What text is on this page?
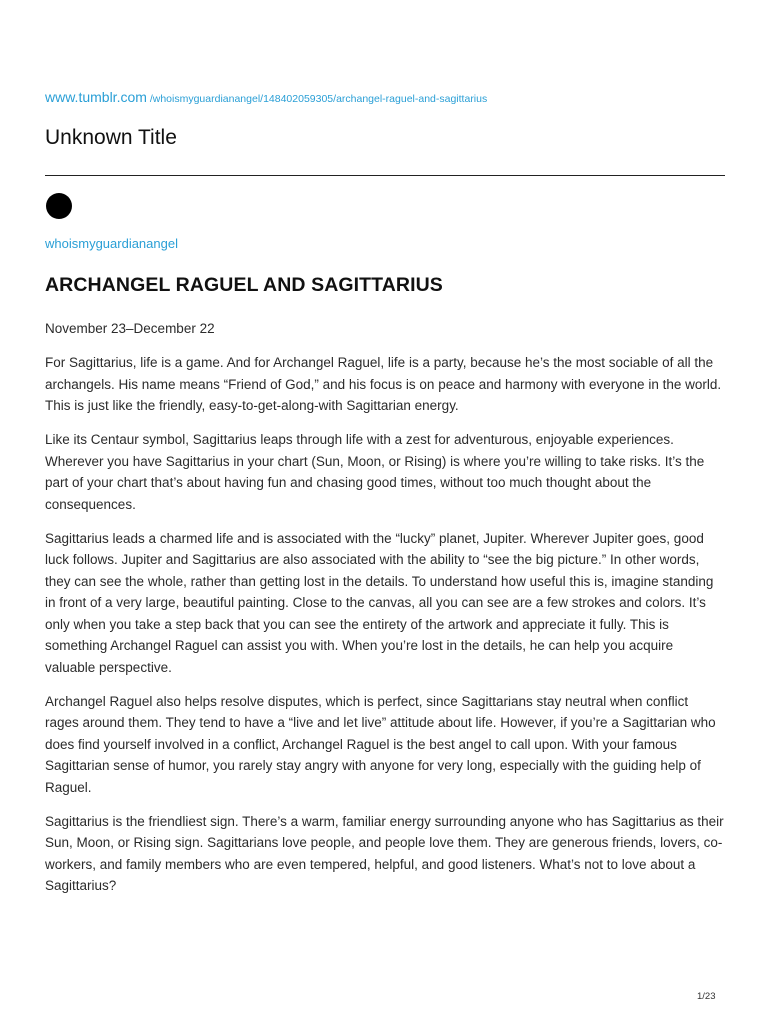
www.tumblr.com /whoismyguardianangel/148402059305/archangel-raguel-and-sagittarius
Unknown Title
whoismyguardianangel
ARCHANGEL RAGUEL AND SAGITTARIUS

November 23–December 22

For Sagittarius, life is a game. And for Archangel Raguel, life is a party, because he’s the most sociable of all the archangels. His name means “Friend of God,” and his focus is on peace and harmony with everyone in the world. This is just like the friendly, easy-to-get-along-with Sagittarian energy.

Like its Centaur symbol, Sagittarius leaps through life with a zest for adventurous, enjoyable experiences. Wherever you have Sagittarius in your chart (Sun, Moon, or Rising) is where you’re willing to take risks. It’s the part of your chart that’s about having fun and chasing good times, without too much thought about the consequences.

Sagittarius leads a charmed life and is associated with the “lucky” planet, Jupiter. Wherever Jupiter goes, good luck follows. Jupiter and Sagittarius are also associated with the ability to “see the big picture.” In other words, they can see the whole, rather than getting lost in the details. To understand how useful this is, imagine standing in front of a very large, beautiful painting. Close to the canvas, all you can see are a few strokes and colors. It’s only when you take a step back that you can see the entirety of the artwork and appreciate it fully. This is something Archangel Raguel can assist you with. When you’re lost in the details, he can help you acquire valuable perspective.

Archangel Raguel also helps resolve disputes, which is perfect, since Sagittarians stay neutral when conflict rages around them. They tend to have a “live and let live” attitude about life. However, if you’re a Sagittarian who does find yourself involved in a conflict, Archangel Raguel is the best angel to call upon. With your famous Sagittarian sense of humor, you rarely stay angry with anyone for very long, especially with the guiding help of Raguel.

Sagittarius is the friendliest sign. There’s a warm, familiar energy surrounding anyone who has Sagittarius as their Sun, Moon, or Rising sign. Sagittarians love people, and people love them. They are generous friends, lovers, co-workers, and family members who are even tempered, helpful, and good listeners. What’s not to love about a Sagittarius?

1/23
